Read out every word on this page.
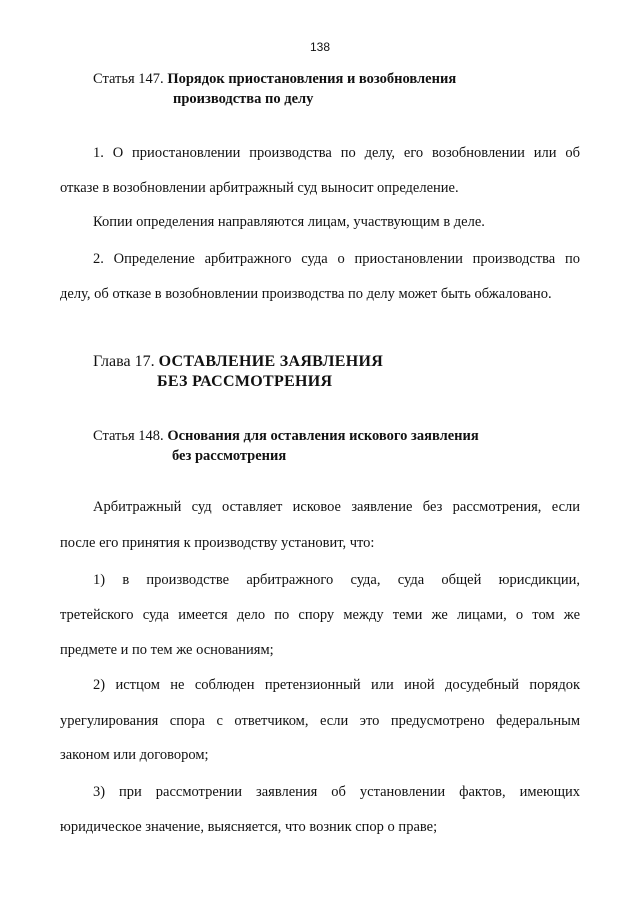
138
Статья 147. Порядок приостановления и возобновления
производства по делу
1. О приостановлении производства по делу, его возобновлении или об
отказе в возобновлении арбитражный суд выносит определение.
Копии определения направляются лицам, участвующим в деле.
2. Определение арбитражного суда о приостановлении производства по
делу, об отказе в возобновлении производства по делу может быть обжаловано.
Глава 17. ОСТАВЛЕНИЕ ЗАЯВЛЕНИЯ
БЕЗ РАССМОТРЕНИЯ
Статья 148. Основания для оставления искового заявления
без рассмотрения
Арбитражный суд оставляет исковое заявление без рассмотрения, если
после его принятия к производству установит, что:
1) в производстве арбитражного суда, суда общей юрисдикции,
третейского суда имеется дело по спору между теми же лицами, о том же
предмете и по тем же основаниям;
2) истцом не соблюден претензионный или иной досудебный порядок
урегулирования спора с ответчиком, если это предусмотрено федеральным
законом или договором;
3) при рассмотрении заявления об установлении фактов, имеющих
юридическое значение, выясняется, что возник спор о праве;
